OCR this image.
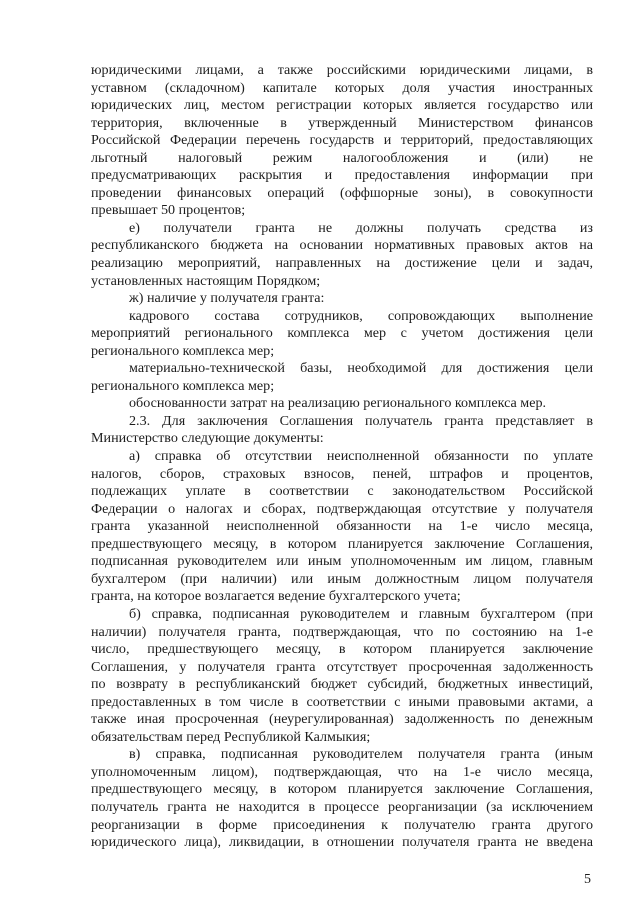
юридическими лицами, а также российскими юридическими лицами, в
уставном (складочном) капитале которых доля участия иностранных
юридических лиц, местом регистрации которых является государство или
территория, включенные в утвержденный Министерством финансов
Российской Федерации перечень государств и территорий, предоставляющих
льготный налоговый режим налогообложения и (или) не
предусматривающих раскрытия и предоставления информации при
проведении финансовых операций (оффшорные зоны), в совокупности
превышает 50 процентов;
е) получатели гранта не должны получать средства из
республиканского бюджета на основании нормативных правовых актов на
реализацию мероприятий, направленных на достижение цели и задач,
установленных настоящим Порядком;
ж) наличие у получателя гранта:
кадрового состава сотрудников, сопровождающих выполнение
мероприятий регионального комплекса мер с учетом достижения цели
регионального комплекса мер;
материально-технической базы, необходимой для достижения цели
регионального комплекса мер;
обоснованности затрат на реализацию регионального комплекса мер.
2.3. Для заключения Соглашения получатель гранта представляет в
Министерство следующие документы:
а) справка об отсутствии неисполненной обязанности по уплате
налогов, сборов, страховых взносов, пеней, штрафов и процентов,
подлежащих уплате в соответствии с законодательством Российской
Федерации о налогах и сборах, подтверждающая отсутствие у получателя
гранта указанной неисполненной обязанности на 1-е число месяца,
предшествующего месяцу, в котором планируется заключение Соглашения,
подписанная руководителем или иным уполномоченным им лицом, главным
бухгалтером (при наличии) или иным должностным лицом получателя
гранта, на которое возлагается ведение бухгалтерского учета;
б) справка, подписанная руководителем и главным бухгалтером (при
наличии) получателя гранта, подтверждающая, что по состоянию на 1-е
число, предшествующего месяцу, в котором планируется заключение
Соглашения, у получателя гранта отсутствует просроченная задолженность
по возврату в республиканский бюджет субсидий, бюджетных инвестиций,
предоставленных в том числе в соответствии с иными правовыми актами, а
также иная просроченная (неурегулированная) задолженность по денежным
обязательствам перед Республикой Калмыкия;
в) справка, подписанная руководителем получателя гранта (иным
уполномоченным лицом), подтверждающая, что на 1-е число месяца,
предшествующего месяцу, в котором планируется заключение Соглашения,
получатель гранта не находится в процессе реорганизации (за исключением
реорганизации в форме присоединения к получателю гранта другого
юридического лица), ликвидации, в отношении получателя гранта не введена
5
